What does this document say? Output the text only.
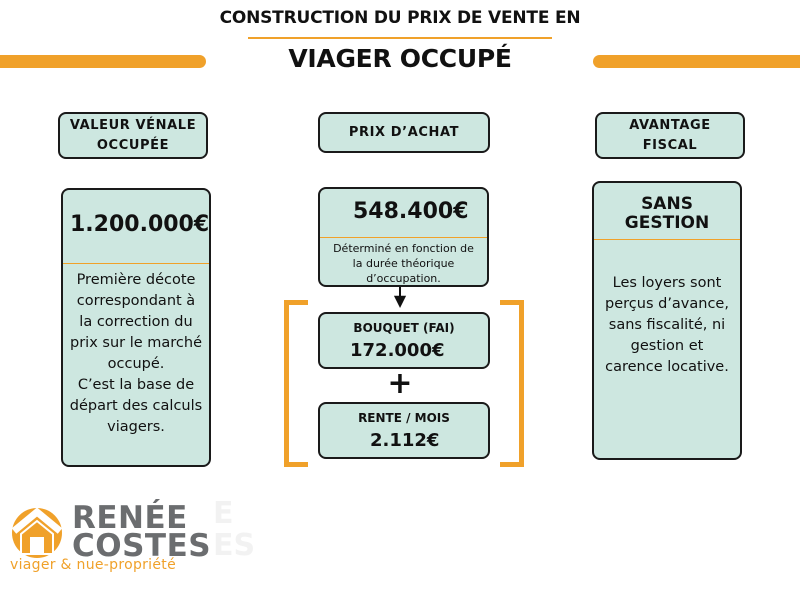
CONSTRUCTION DU PRIX DE VENTE EN
VIAGER OCCUPÉ
VALEUR VÉNALE
OCCUPÉE
1.200.000€
Première décote
correspondant à
la correction du
prix sur le marché
occupé.
C’est la base de
départ des calculs
viagers.
PRIX D’ACHAT
548.400€
Déterminé en fonction de
la durée théorique
d’occupation.
▼
BOUQUET (FAI)
172.000€
+
RENTE / MOIS
2.112€
AVANTAGE
FISCAL
SANS
GESTION
Les loyers sont
perçus d’avance,
sans fiscalité, ni
gestion et
carence locative.
RENÉE
COSTES
viager & nue-propriété
E
ES
